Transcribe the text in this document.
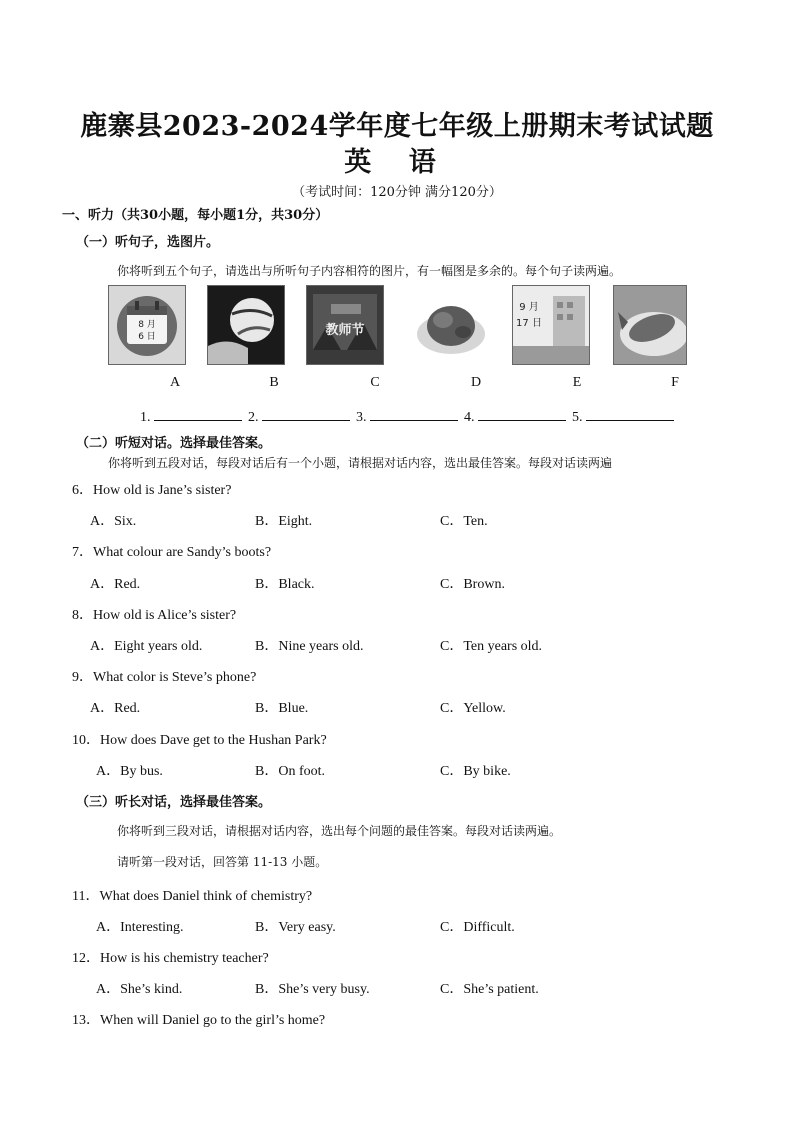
鹿寨县2023-2024学年度七年级上册期末考试试题
英 语
（考试时间：120分钟 满分120分）
一、听力（共30小题，每小题1分，共30分）
（一）听句子，选图片。
你将听到五个句子，请选出与所听句子内容相符的图片，有一幅图是多余的。每个句子读两遍。
8 月
6 日	教师节
9 月
17 日
A	B	C	D	E	F
1.	2.	3.	4.	5.
（二）听短对话。选择最佳答案。
你将听到五段对话，每段对话后有一个小题，请根据对话内容，选出最佳答案。每段对话读两遍
6．How old is Jane’s sister?
A．Six.	B．Eight.	C．Ten.
7．What colour are Sandy’s boots?
A．Red.	B．Black.	C．Brown.
8．How old is Alice’s sister?
A．Eight years old.	B．Nine years old.	C．Ten years old.
9．What color is Steve’s phone?
A．Red.	B．Blue.	C．Yellow.
10．How does Dave get to the Hushan Park?
A．By bus.	B．On foot.	C．By bike.
（三）听长对话，选择最佳答案。
你将听到三段对话，请根据对话内容，选出每个问题的最佳答案。每段对话读两遍。
请听第一段对话，回答第 11-13 小题。
11．What does Daniel think of chemistry?
A．Interesting.	B．Very easy.	C．Difficult.
12．How is his chemistry teacher?
A．She’s kind.	B．She’s very busy.	C．She’s patient.
13．When will Daniel go to the girl’s home?
